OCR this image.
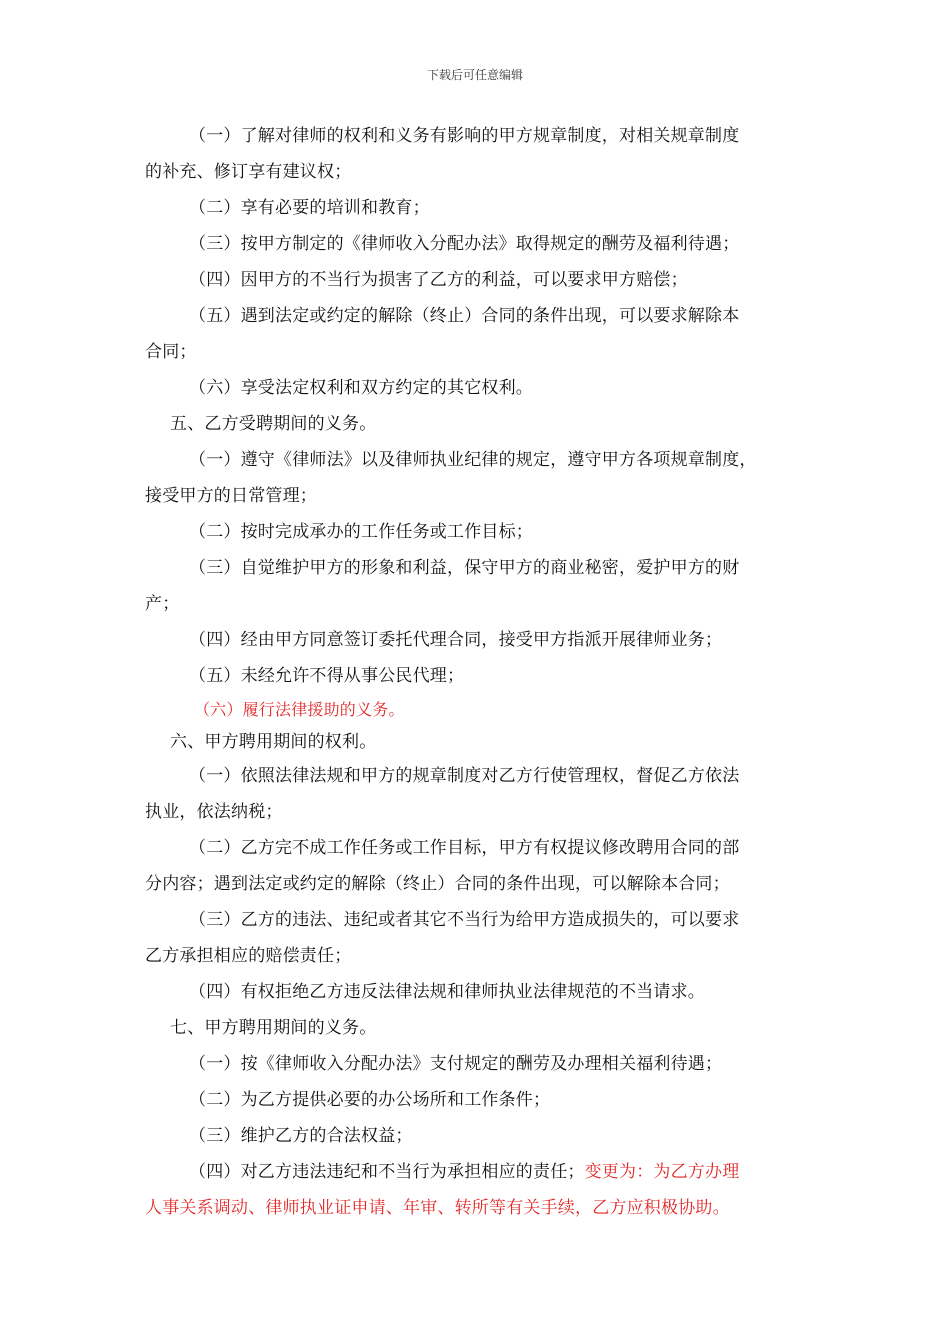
下载后可任意编辑
（一）了解对律师的权利和义务有影响的甲方规章制度，对相关规章制度
的补充、修订享有建议权；
（二）享有必要的培训和教育；
（三）按甲方制定的《律师收入分配办法》取得规定的酬劳及福利待遇；
（四）因甲方的不当行为损害了乙方的利益，可以要求甲方赔偿；
（五）遇到法定或约定的解除（终止）合同的条件出现，可以要求解除本
合同；
（六）享受法定权利和双方约定的其它权利。
五、乙方受聘期间的义务。
（一）遵守《律师法》以及律师执业纪律的规定，遵守甲方各项规章制度，
接受甲方的日常管理；
（二）按时完成承办的工作任务或工作目标；
（三）自觉维护甲方的形象和利益，保守甲方的商业秘密，爱护甲方的财
产；
（四）经由甲方同意签订委托代理合同，接受甲方指派开展律师业务；
（五）未经允许不得从事公民代理；
（六）履行法律援助的义务。
六、甲方聘用期间的权利。
（一）依照法律法规和甲方的规章制度对乙方行使管理权，督促乙方依法
执业，依法纳税；
（二）乙方完不成工作任务或工作目标，甲方有权提议修改聘用合同的部
分内容；遇到法定或约定的解除（终止）合同的条件出现，可以解除本合同；
（三）乙方的违法、违纪或者其它不当行为给甲方造成损失的，可以要求
乙方承担相应的赔偿责任；
（四）有权拒绝乙方违反法律法规和律师执业法律规范的不当请求。
七、甲方聘用期间的义务。
（一）按《律师收入分配办法》支付规定的酬劳及办理相关福利待遇；
（二）为乙方提供必要的办公场所和工作条件；
（三）维护乙方的合法权益；
（四）对乙方违法违纪和不当行为承担相应的责任；变更为：为乙方办理
人事关系调动、律师执业证申请、年审、转所等有关手续，乙方应积极协助。
